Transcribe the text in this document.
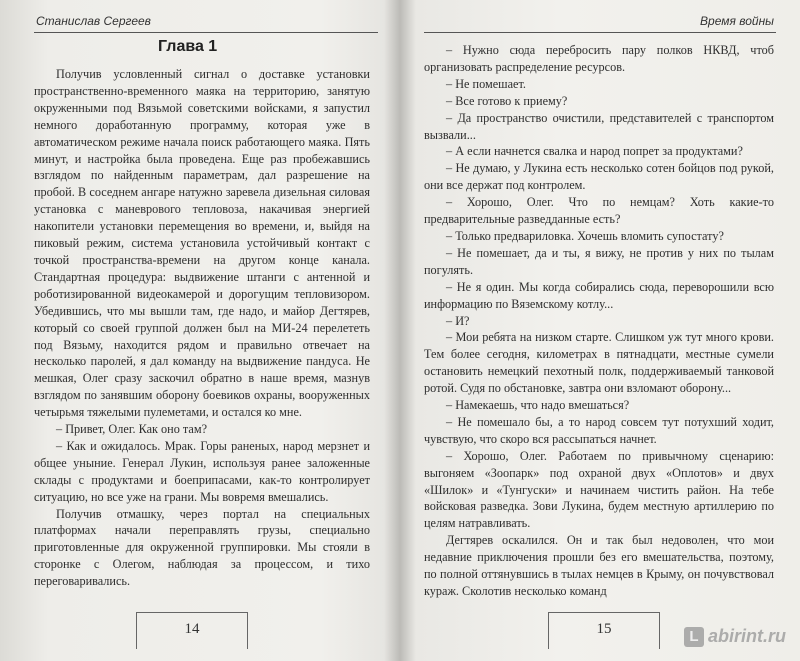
Станислав Сергеев
Глава 1

Получив условленный сигнал о доставке установки пространственно-временного маяка на территорию, занятую окруженными под Вязьмой советскими войсками, я запустил немного доработанную программу, которая уже в автоматическом режиме начала поиск работающего маяка. Пять минут, и настройка была проведена. Еще раз пробежавшись взглядом по найденным параметрам, дал разрешение на пробой. В соседнем ангаре натужно заревела дизельная силовая установка с маневрового тепловоза, накачивая энергией накопители установки перемещения во времени, и, выйдя на пиковый режим, система установила устойчивый контакт с точкой пространства-времени на другом конце канала. Стандартная процедура: выдвижение штанги с антенной и роботизированной видеокамерой и дорогущим тепловизором. Убедившись, что мы вышли там, где надо, и майор Дегтярев, который со своей группой должен был на МИ-24 перелететь под Вязьму, находится рядом и правильно отвечает на несколько паролей, я дал команду на выдвижение пандуса. Не мешкая, Олег сразу заскочил обратно в наше время, мазнув взглядом по занявшим оборону боевиков охраны, вооруженных четырьмя тяжелыми пулеметами, и остался ко мне.

– Привет, Олег. Как оно там?

– Как и ожидалось. Мрак. Горы раненых, народ мерзнет и общее уныние. Генерал Лукин, используя ранее заложенные склады с продуктами и боеприпасами, как-то контролирует ситуацию, но все уже на грани. Мы вовремя вмешались.

Получив отмашку, через портал на специальных платформах начали переправлять грузы, специально приготовленные для окруженной группировки. Мы стояли в сторонке с Олегом, наблюдая за процессом, и тихо переговаривались.

14
Время войны

– Нужно сюда перебросить пару полков НКВД, чтоб организовать распределение ресурсов.

– Не помешает.

– Все готово к приему?

– Да пространство очистили, представителей с транспортом вызвали...

– А если начнется свалка и народ попрет за продуктами?

– Не думаю, у Лукина есть несколько сотен бойцов под рукой, они все держат под контролем.

– Хорошо, Олег. Что по немцам? Хоть какие-то предварительные разведданные есть?

– Только предвариловка. Хочешь вломить супостату?

– Не помешает, да и ты, я вижу, не против у них по тылам погулять.

– Не я один. Мы когда собирались сюда, переворошили всю информацию по Вяземскому котлу...

– И?

– Мои ребята на низком старте. Слишком уж тут много крови. Тем более сегодня, километрах в пятнадцати, местные сумели остановить немецкий пехотный полк, поддерживаемый танковой ротой. Судя по обстановке, завтра они взломают оборону...

– Намекаешь, что надо вмешаться?

– Не помешало бы, а то народ совсем тут потухший ходит, чувствую, что скоро вся рассыпаться начнет.

– Хорошо, Олег. Работаем по привычному сценарию: выгоняем «Зоопарк» под охраной двух «Оплотов» и двух «Шилок» и «Тунгуски» и начинаем чистить район. На тебе войсковая разведка. Зови Лукина, будем местную артиллерию по целям натравливать.

Дегтярев оскалился. Он и так был недоволен, что мои недавние приключения прошли без его вмешательства, поэтому, по полной оттянувшись в тылах немцев в Крыму, он почувствовал кураж. Сколотив несколько команд

15	L abirint.ru
